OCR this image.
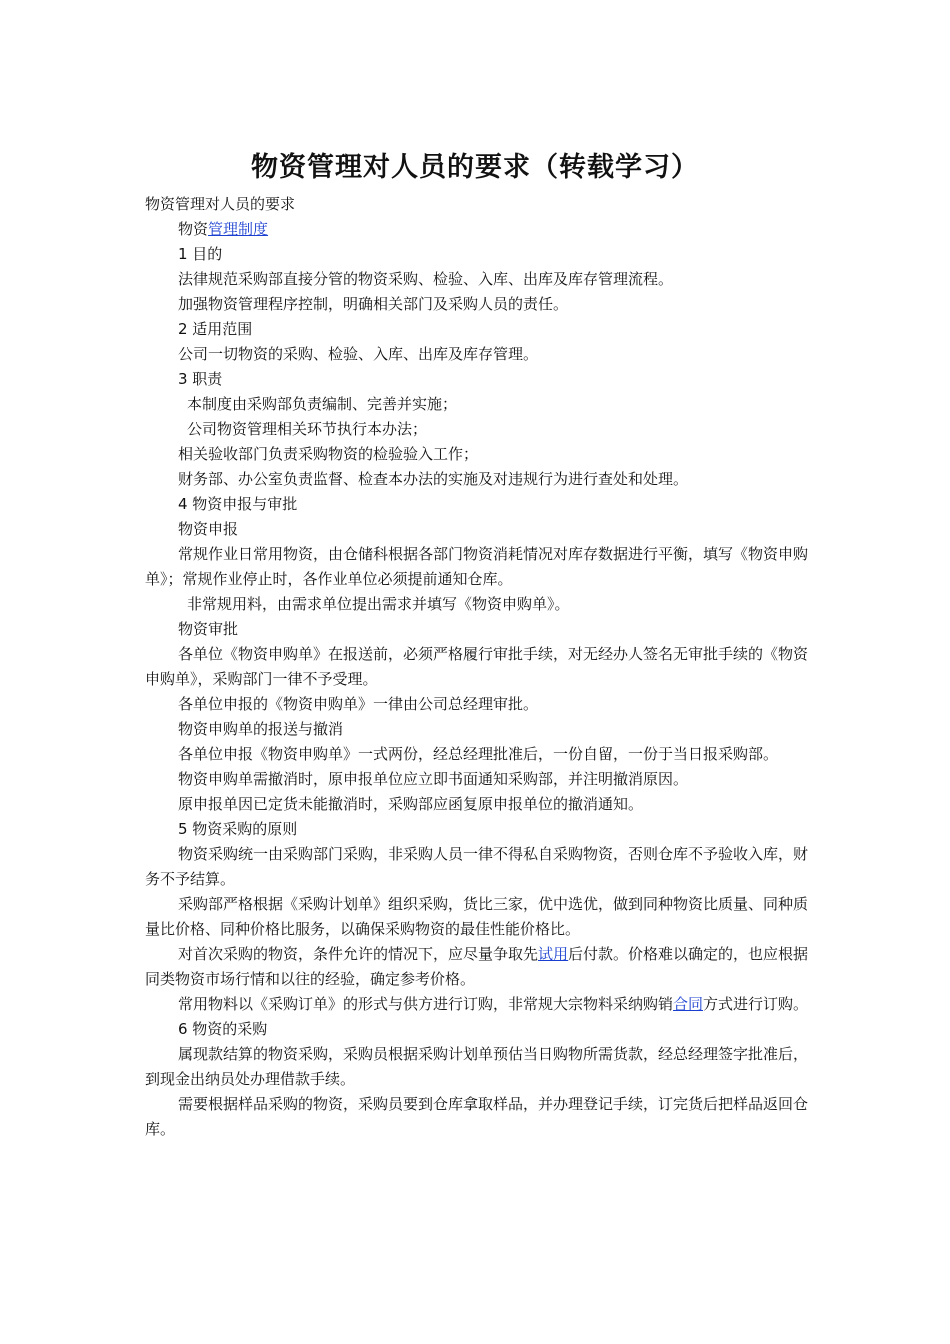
物资管理对人员的要求（转载学习）

物资管理对人员的要求

物资管理制度

1 目的

法律规范采购部直接分管的物资采购、检验、入库、出库及库存管理流程。

加强物资管理程序控制，明确相关部门及采购人员的责任。

2 适用范围

公司一切物资的采购、检验、入库、出库及库存管理。

3 职责

本制度由采购部负责编制、完善并实施；

公司物资管理相关环节执行本办法；

相关验收部门负责采购物资的检验验入工作；

财务部、办公室负责监督、检查本办法的实施及对违规行为进行查处和处理。

4 物资申报与审批

物资申报

常规作业日常用物资，由仓储科根据各部门物资消耗情况对库存数据进行平衡，填写《物资申购单》；常规作业停止时，各作业单位必须提前通知仓库。

非常规用料，由需求单位提出需求并填写《物资申购单》。

物资审批

各单位《物资申购单》在报送前，必须严格履行审批手续，对无经办人签名无审批手续的《物资申购单》，采购部门一律不予受理。

各单位申报的《物资申购单》一律由公司总经理审批。

物资申购单的报送与撤消

各单位申报《物资申购单》一式两份，经总经理批准后，一份自留，一份于当日报采购部。

物资申购单需撤消时，原申报单位应立即书面通知采购部，并注明撤消原因。

原申报单因已定货未能撤消时，采购部应函复原申报单位的撤消通知。

5 物资采购的原则

物资采购统一由采购部门采购，非采购人员一律不得私自采购物资，否则仓库不予验收入库，财务不予结算。

采购部严格根据《采购计划单》组织采购，货比三家，优中选优，做到同种物资比质量、同种质量比价格、同种价格比服务，以确保采购物资的最佳性能价格比。

对首次采购的物资，条件允许的情况下，应尽量争取先试用后付款。价格难以确定的，也应根据同类物资市场行情和以往的经验，确定参考价格。

常用物料以《采购订单》的形式与供方进行订购，非常规大宗物料采纳购销合同方式进行订购。

6 物资的采购

属现款结算的物资采购，采购员根据采购计划单预估当日购物所需货款，经总经理签字批准后，到现金出纳员处办理借款手续。

需要根据样品采购的物资，采购员要到仓库拿取样品，并办理登记手续，订完货后把样品返回仓库。
